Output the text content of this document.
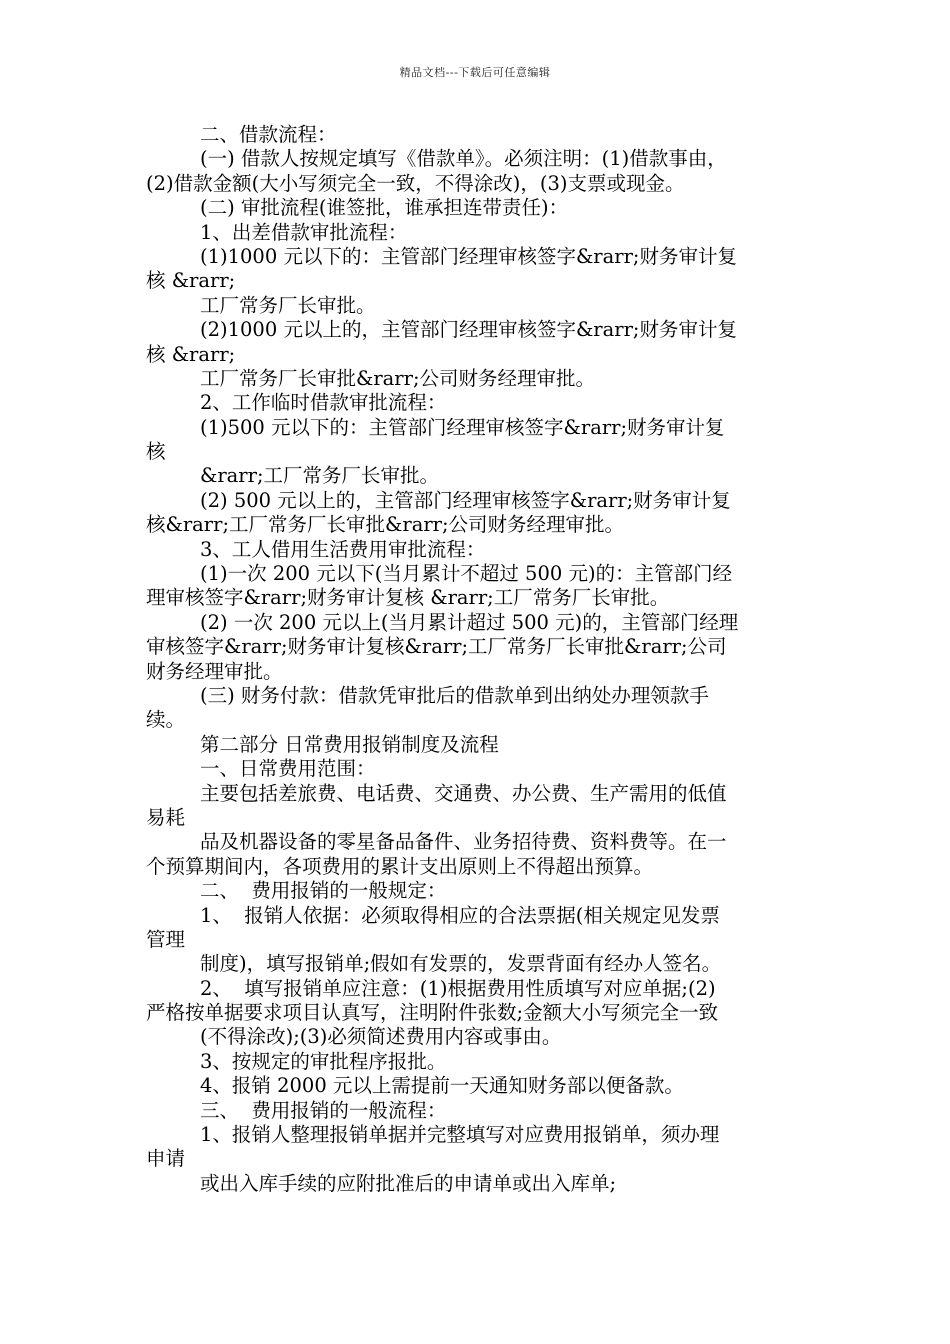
精品文档---下载后可任意编辑
二、借款流程：
(一) 借款人按规定填写《借款单》。必须注明：(1)借款事由，
(2)借款金额(大小写须完全一致，不得涂改)，(3)支票或现金。
(二) 审批流程(谁签批，谁承担连带责任)：
1、出差借款审批流程：
(1)1000 元以下的：主管部门经理审核签字&rarr;财务审计复
核 &rarr;
工厂常务厂长审批。
(2)1000 元以上的，主管部门经理审核签字&rarr;财务审计复
核 &rarr;
工厂常务厂长审批&rarr;公司财务经理审批。
2、工作临时借款审批流程：
(1)500 元以下的：主管部门经理审核签字&rarr;财务审计复
核
&rarr;工厂常务厂长审批。
(2) 500 元以上的，主管部门经理审核签字&rarr;财务审计复
核&rarr;工厂常务厂长审批&rarr;公司财务经理审批。
3、工人借用生活费用审批流程：
(1)一次 200 元以下(当月累计不超过 500 元)的：主管部门经
理审核签字&rarr;财务审计复核 &rarr;工厂常务厂长审批。
(2) 一次 200 元以上(当月累计超过 500 元)的，主管部门经理
审核签字&rarr;财务审计复核&rarr;工厂常务厂长审批&rarr;公司
财务经理审批。
(三) 财务付款：借款凭审批后的借款单到出纳处办理领款手
续。
第二部分 日常费用报销制度及流程
一、日常费用范围：
主要包括差旅费、电话费、交通费、办公费、生产需用的低值
易耗
品及机器设备的零星备品备件、业务招待费、资料费等。在一
个预算期间内，各项费用的累计支出原则上不得超出预算。
二、  费用报销的一般规定：
1、  报销人依据：必须取得相应的合法票据(相关规定见发票
管理
制度)，填写报销单;假如有发票的，发票背面有经办人签名。
2、  填写报销单应注意：(1)根据费用性质填写对应单据;(2)
严格按单据要求项目认真写，注明附件张数;金额大小写须完全一致
(不得涂改);(3)必须简述费用内容或事由。
3、按规定的审批程序报批。
4、报销 2000 元以上需提前一天通知财务部以便备款。
三、  费用报销的一般流程：
1、报销人整理报销单据并完整填写对应费用报销单，须办理
申请
或出入库手续的应附批准后的申请单或出入库单;
